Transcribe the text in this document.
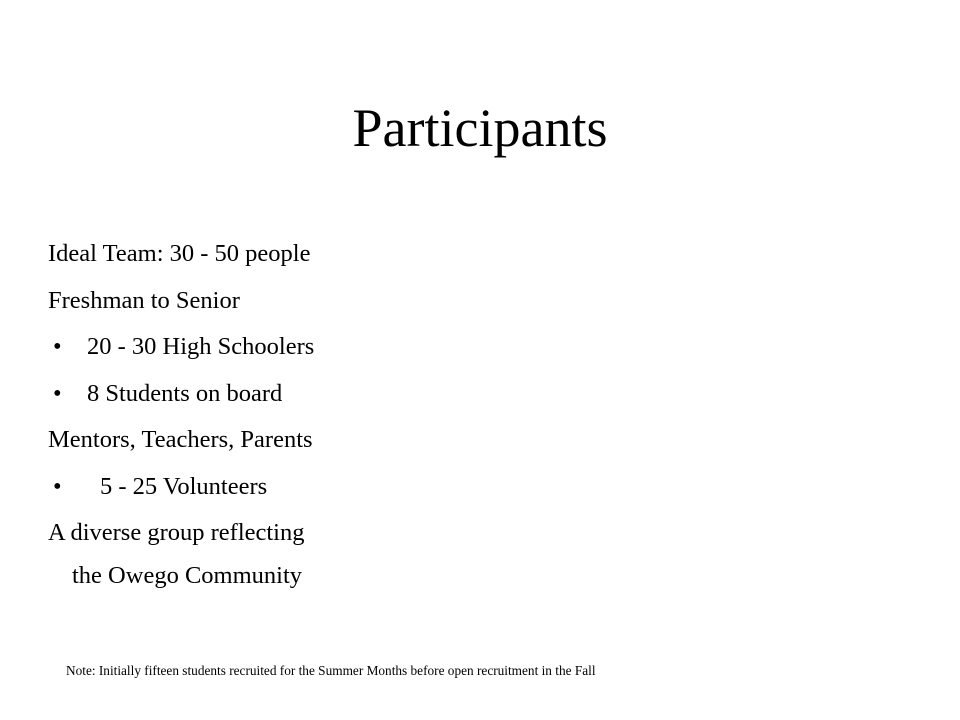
Participants
Ideal Team: 30 - 50 people
Freshman to Senior
• 20 - 30 High Schoolers
• 8 Students on board
Mentors, Teachers, Parents
• 5 - 25 Volunteers
A diverse group reflecting
the Owego Community
Note: Initially fifteen students recruited for the Summer Months before open recruitment in the Fall
